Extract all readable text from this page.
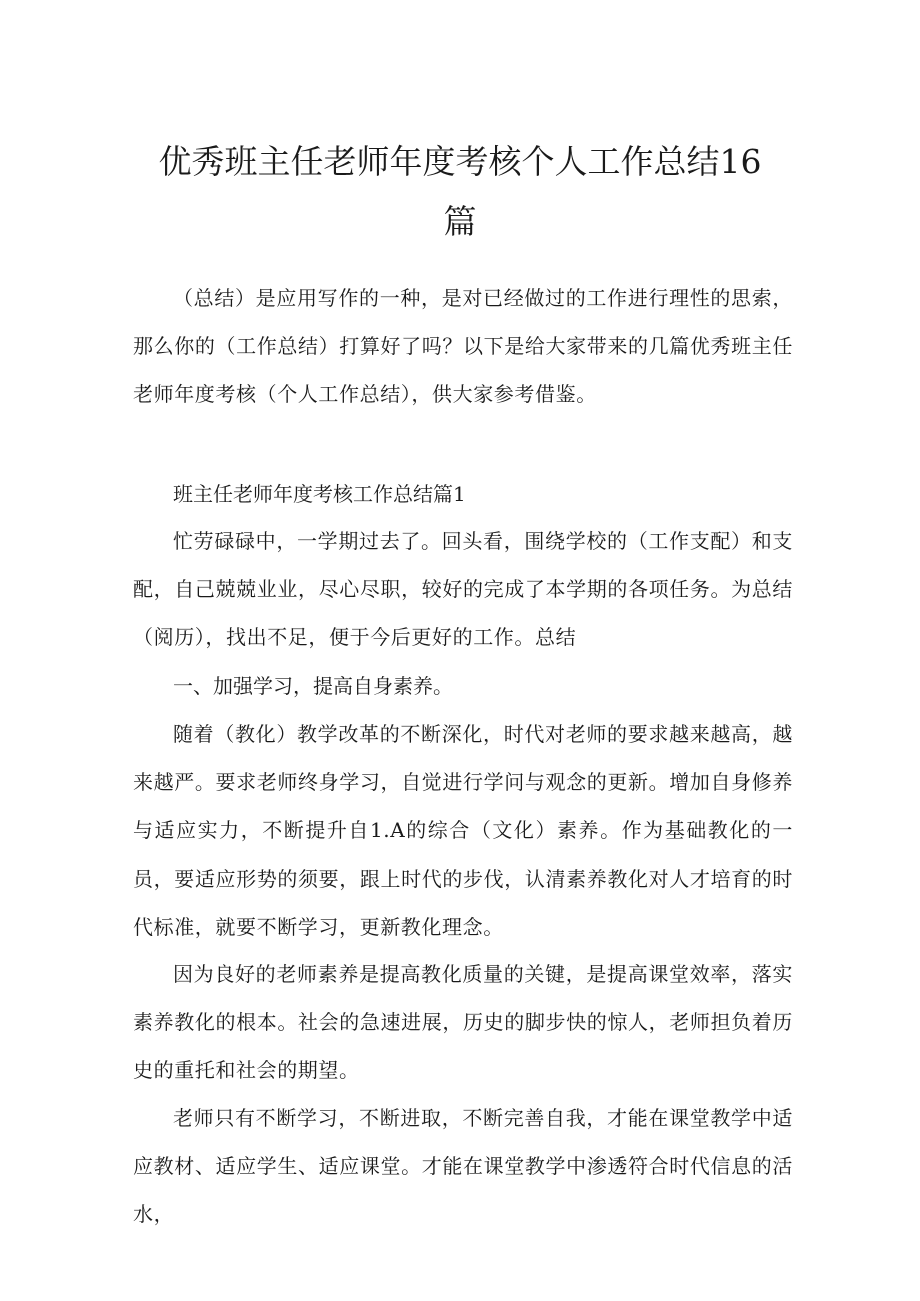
优秀班主任老师年度考核个人工作总结16
篇

（总结）是应用写作的一种，是对已经做过的工作进行理性的思索，那么你的（工作总结）打算好了吗？以下是给大家带来的几篇优秀班主任老师年度考核（个人工作总结），供大家参考借鉴。

班主任老师年度考核工作总结篇1

忙劳碌碌中，一学期过去了。回头看，围绕学校的（工作支配）和支配，自己兢兢业业，尽心尽职，较好的完成了本学期的各项任务。为总结（阅历），找出不足，便于今后更好的工作。总结

一、加强学习，提高自身素养。

随着（教化）教学改革的不断深化，时代对老师的要求越来越高，越来越严。要求老师终身学习，自觉进行学问与观念的更新。增加自身修养与适应实力，不断提升自1.A的综合（文化）素养。作为基础教化的一员，要适应形势的须要，跟上时代的步伐，认清素养教化对人才培育的时代标准，就要不断学习，更新教化理念。

因为良好的老师素养是提高教化质量的关键，是提高课堂效率，落实素养教化的根本。社会的急速进展，历史的脚步快的惊人，老师担负着历史的重托和社会的期望。

老师只有不断学习，不断进取，不断完善自我，才能在课堂教学中适应教材、适应学生、适应课堂。才能在课堂教学中渗透符合时代信息的活水，
